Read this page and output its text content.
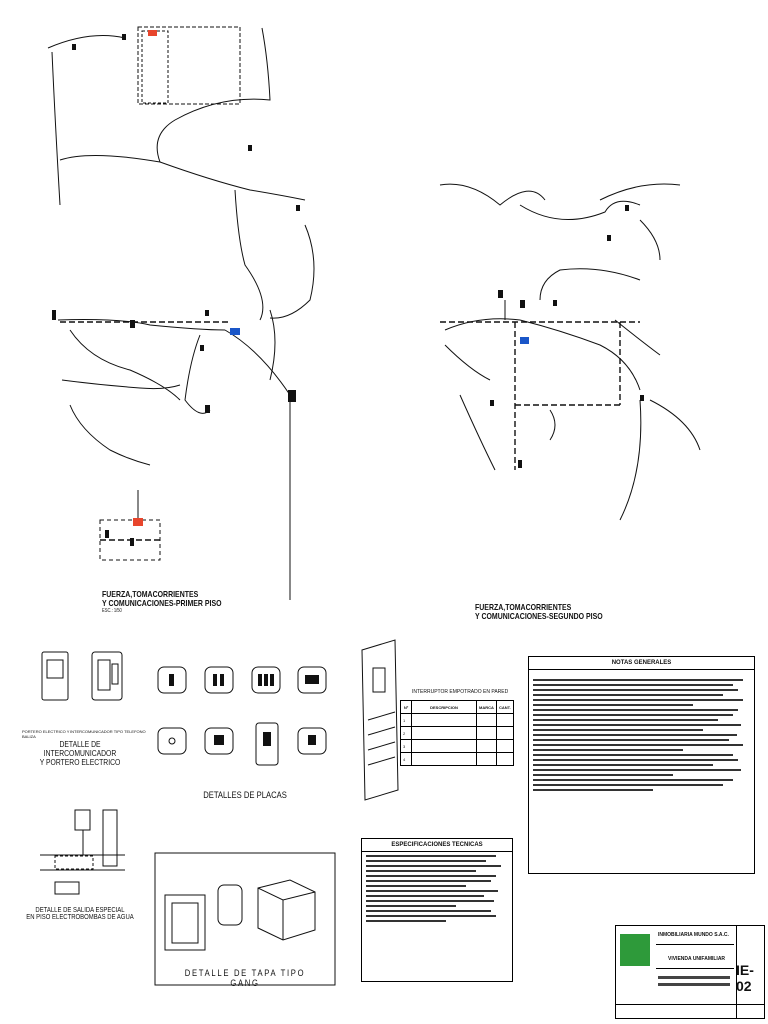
FUERZA,TOMACORRIENTES
Y COMUNICACIONES-PRIMER PISO
ESC.: 1/50	FUERZA,TOMACORRIENTES
Y COMUNICACIONES-SEGUNDO PISO
PORTERO ELECTRICO Y BALIZA
INTERCOMUNICADOR TIPO TELEFONO
DETALLE DE INTERCOMUNICADOR
Y PORTERO ELECTRICO
DETALLES DE PLACAS
INTERRUPTOR EMPOTRADO EN PARED
Nº	DESCRIPCION	MARCA	CANT.
1			
2			
3			
4			
DETALLE DE SALIDA ESPECIAL
EN PISO ELECTROBOMBAS DE AGUA
DETALLE DE TAPA TIPO GANG
ESPECIFICACIONES TECNICAS
NOTAS GENERALES
INMOBILIARIA MUNDO S.A.C.
VIVIENDA UNIFAMILIAR
IE-02
